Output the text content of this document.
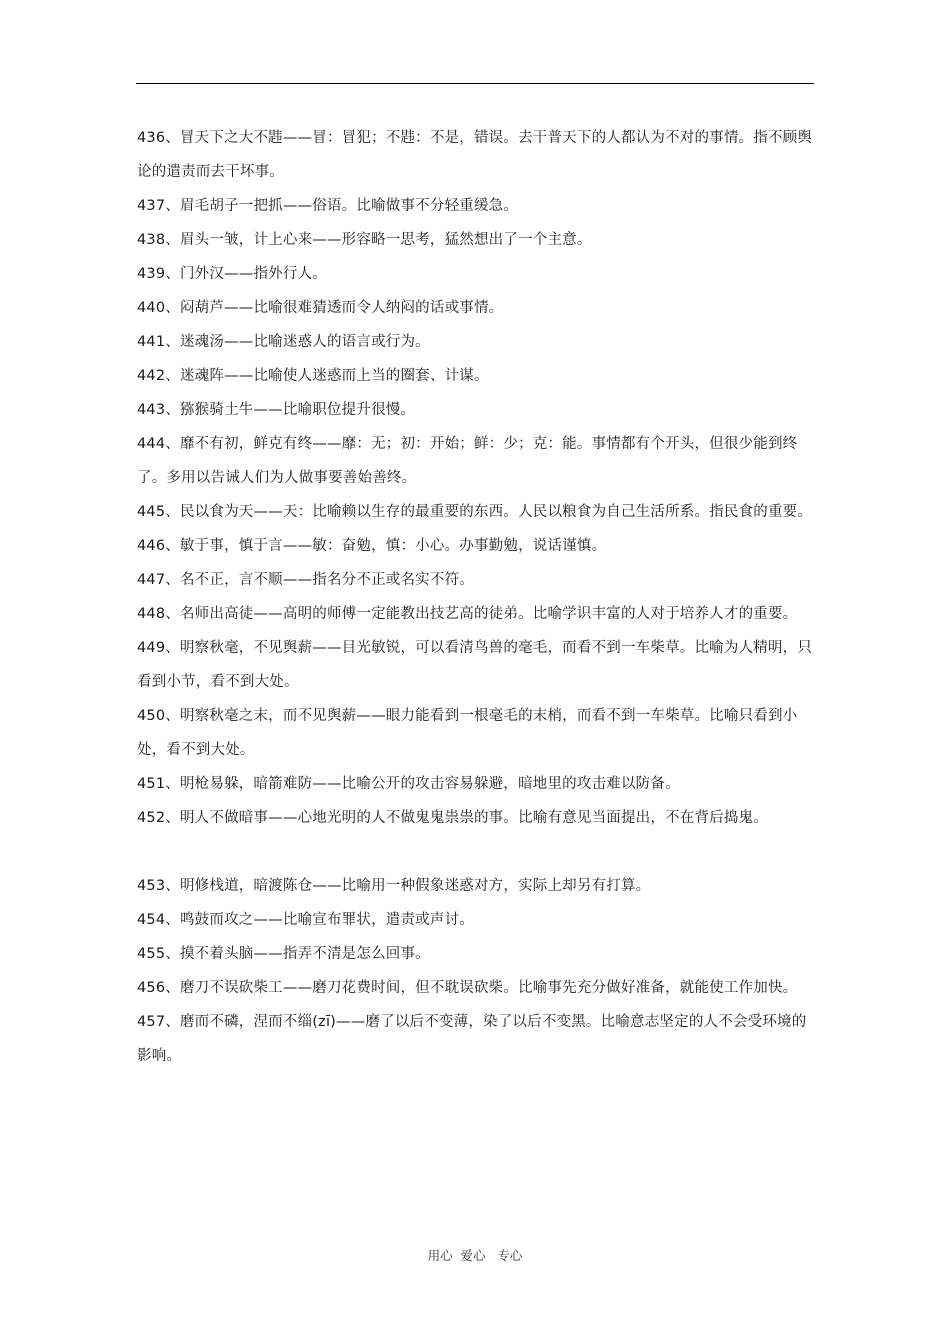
436、冒天下之大不韪——冒：冒犯；不韪：不是，错误。去干普天下的人都认为不对的事情。指不顾舆论的遣责而去干坏事。

437、眉毛胡子一把抓——俗语。比喻做事不分轻重缓急。

438、眉头一皱，计上心来——形容略一思考，猛然想出了一个主意。

439、门外汉——指外行人。

440、闷葫芦——比喻很难猜透而令人纳闷的话或事情。

441、迷魂汤——比喻迷惑人的语言或行为。

442、迷魂阵——比喻使人迷惑而上当的圈套、计谋。

443、猕猴骑土牛——比喻职位提升很慢。

444、靡不有初，鲜克有终——靡：无；初：开始；鲜：少；克：能。事情都有个开头，但很少能到终了。多用以告诫人们为人做事要善始善终。

445、民以食为天——天：比喻赖以生存的最重要的东西。人民以粮食为自己生活所系。指民食的重要。

446、敏于事，慎于言——敏：奋勉，慎：小心。办事勤勉，说话谨慎。

447、名不正，言不顺——指名分不正或名实不符。

448、名师出高徒——高明的师傅一定能教出技艺高的徒弟。比喻学识丰富的人对于培养人才的重要。

449、明察秋毫，不见舆薪——目光敏锐，可以看清鸟兽的毫毛，而看不到一车柴草。比喻为人精明，只看到小节，看不到大处。

450、明察秋毫之末，而不见舆薪——眼力能看到一根毫毛的末梢，而看不到一车柴草。比喻只看到小处，看不到大处。

451、明枪易躲，暗箭难防——比喻公开的攻击容易躲避，暗地里的攻击难以防备。

452、明人不做暗事——心地光明的人不做鬼鬼祟祟的事。比喻有意见当面提出，不在背后捣鬼。

453、明修栈道，暗渡陈仓——比喻用一种假象迷惑对方，实际上却另有打算。

454、鸣鼓而攻之——比喻宣布罪状，遣责或声讨。

455、摸不着头脑——指弄不清是怎么回事。

456、磨刀不误砍柴工——磨刀花费时间，但不耽误砍柴。比喻事先充分做好准备，就能使工作加快。

457、磨而不磷，涅而不缁(zī)——磨了以后不变薄，染了以后不变黑。比喻意志坚定的人不会受环境的影响。

用心  爱心   专心
